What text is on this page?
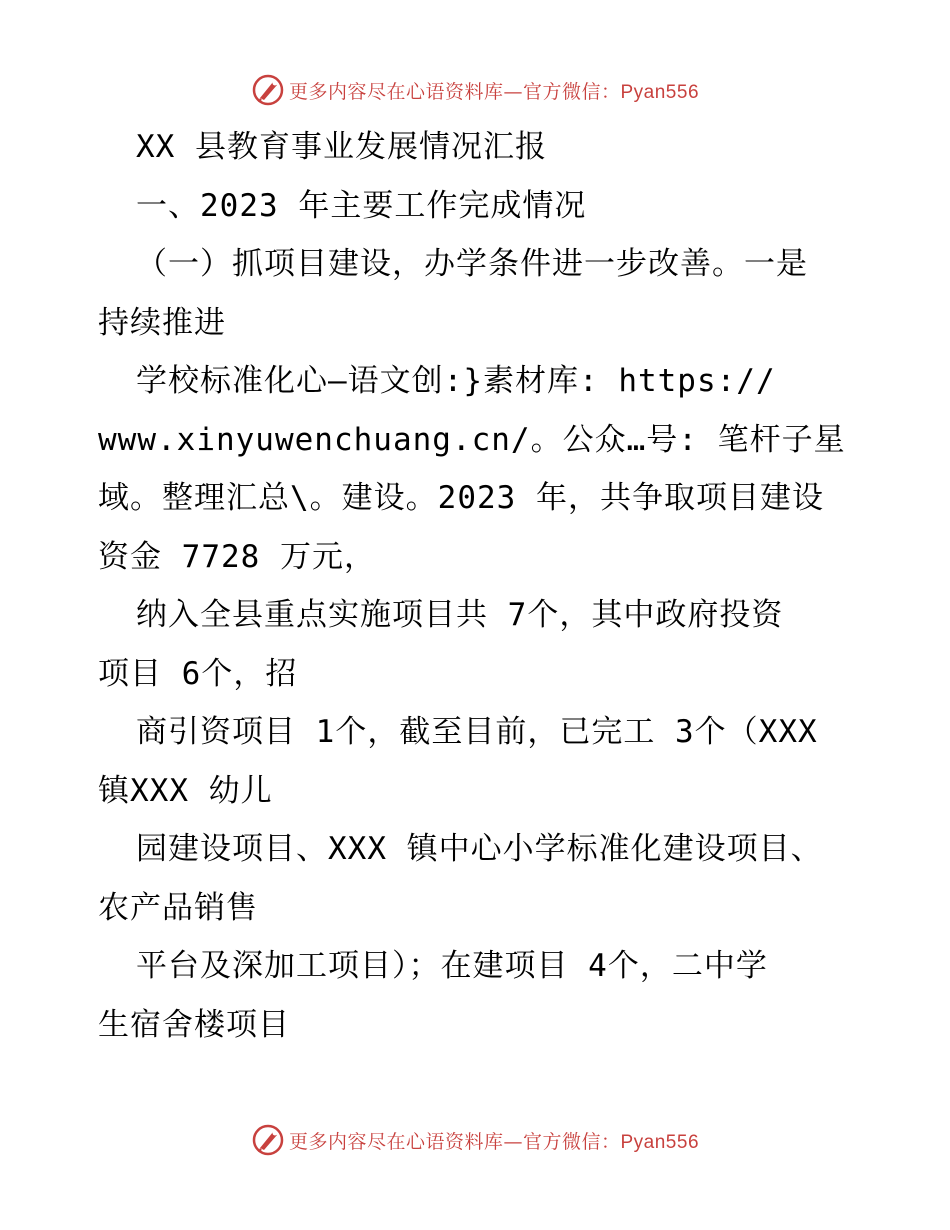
更多内容尽在心语资料库—官方微信：Pyan556
XX 县教育事业发展情况汇报
一、2023 年主要工作完成情况
（一）抓项目建设，办学条件进一步改善。一是
持续推进
学校标准化心—语文创:}素材库: https://
www.xinyuwenchuang.cn/。公众…号: 笔杆子星
域。整理汇总\。建设。2023 年，共争取项目建设
资金 7728 万元，
纳入全县重点实施项目共 7个，其中政府投资
项目 6个，招
商引资项目 1个，截至目前，已完工 3个（XXX
镇XXX 幼儿
园建设项目、XXX 镇中心小学标准化建设项目、
农产品销售
平台及深加工项目）；在建项目 4个，二中学
生宿舍楼项目
更多内容尽在心语资料库—官方微信：Pyan556
